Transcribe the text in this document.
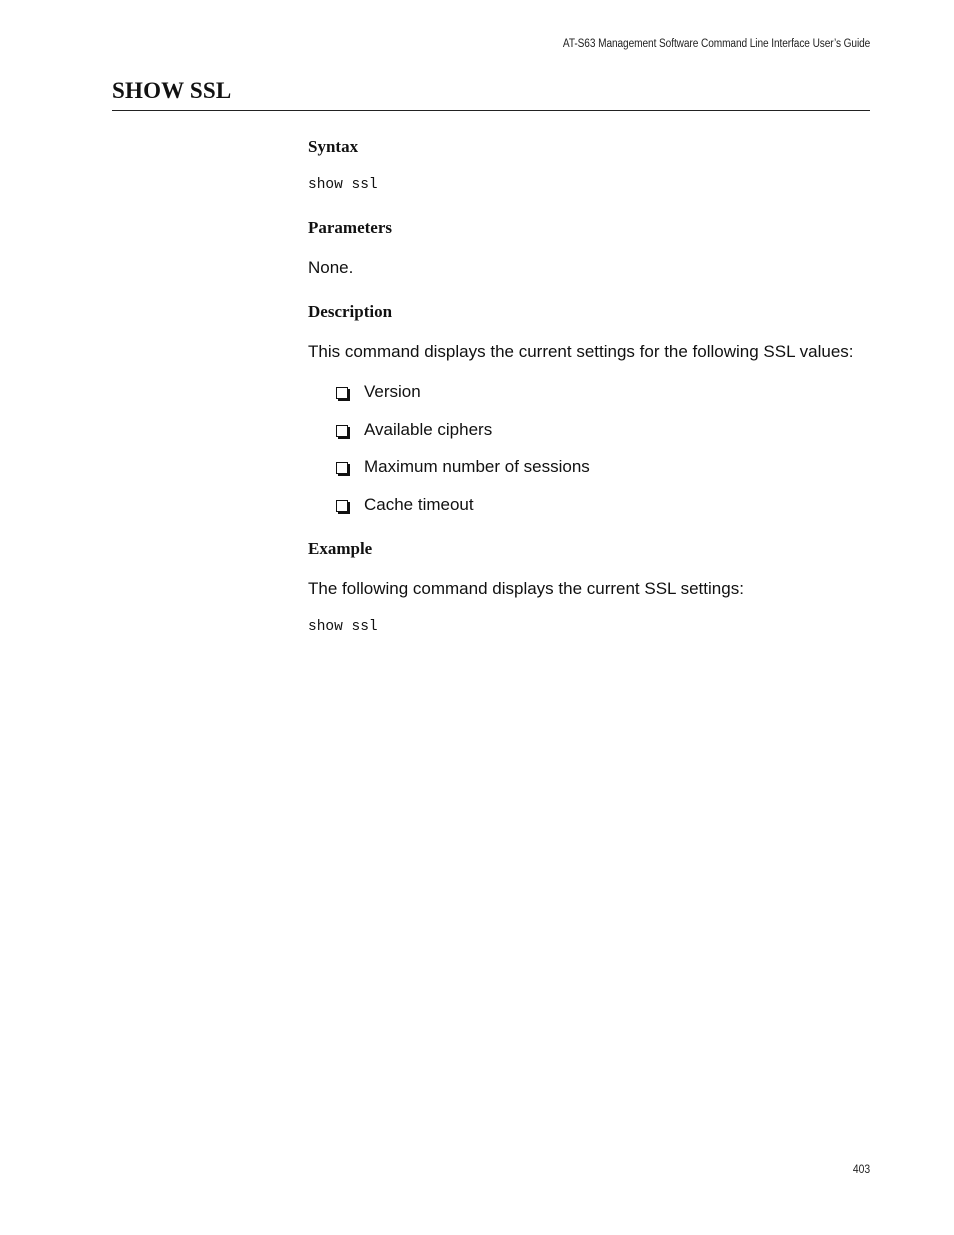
AT-S63 Management Software Command Line Interface User’s Guide
SHOW SSL
Syntax
show ssl
Parameters
None.
Description
This command displays the current settings for the following SSL values:
Version
Available ciphers
Maximum number of sessions
Cache timeout
Example
The following command displays the current SSL settings:
show ssl
403
